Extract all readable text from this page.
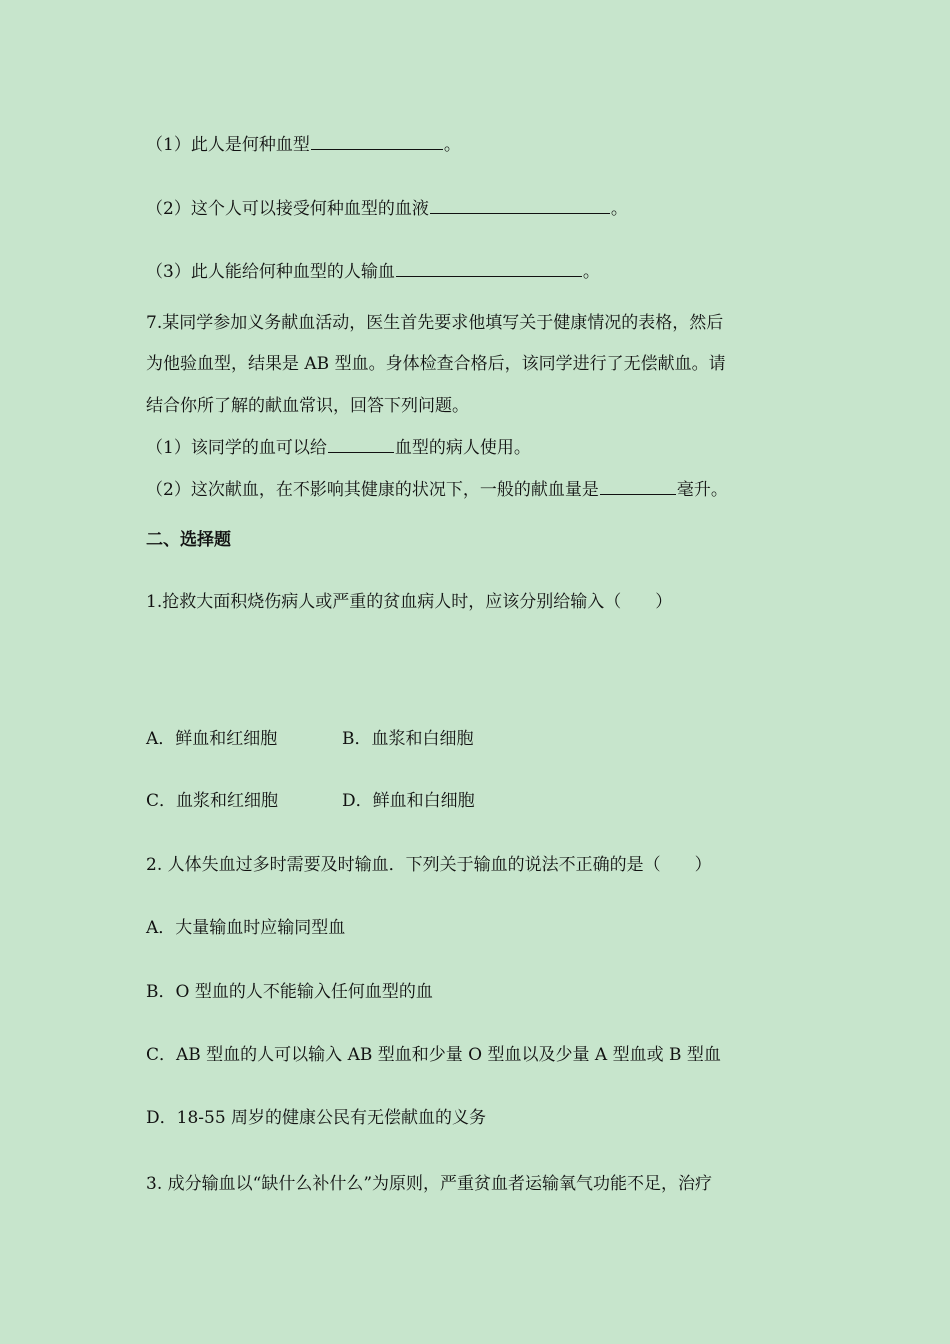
（1）此人是何种血型	。
（2）这个人可以接受何种血型的血液	。
（3）此人能给何种血型的人输血	。
7.某同学参加义务献血活动，医生首先要求他填写关于健康情况的表格，然后
为他验血型，结果是 AB 型血。身体检查合格后，该同学进行了无偿献血。请
结合你所了解的献血常识，回答下列问题。
（1）该同学的血可以给	血型的病人使用。
（2）这次献血，在不影响其健康的状况下，一般的献血量是	毫升。
二、选择题
1.抢救大面积烧伤病人或严重的贫血病人时，应该分别给输入（　　）
A．鲜血和红细胞	B．血浆和白细胞
C．血浆和红细胞	D．鲜血和白细胞
2. 人体失血过多时需要及时输血．下列关于输血的说法不正确的是（　　）
A．大量输血时应输同型血
B．O 型血的人不能输入任何血型的血
C．AB 型血的人可以输入 AB 型血和少量 O 型血以及少量 A 型血或 B 型血
D．18-55 周岁的健康公民有无偿献血的义务
3. 成分输血以“缺什么补什么”为原则，严重贫血者运输氧气功能不足，治疗
